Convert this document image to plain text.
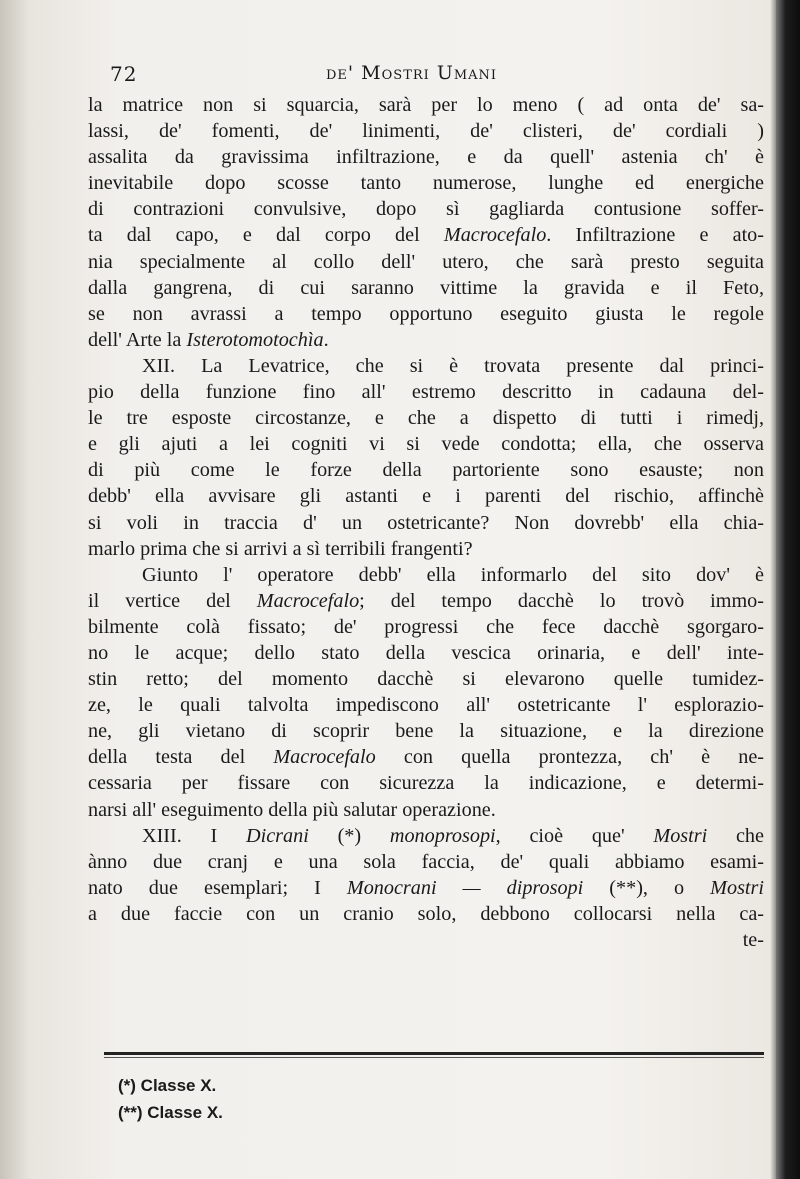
72	de' Mostri Umani
la matrice non si squarcia, sarà per lo meno ( ad onta de' sa-
lassi, de' fomenti, de' linimenti, de' clisteri, de' cordiali )
assalita da gravissima infiltrazione, e da quell' astenia ch' è
inevitabile dopo scosse tanto numerose, lunghe ed energiche
di contrazioni convulsive, dopo sì gagliarda contusione soffer-
ta dal capo, e dal corpo del Macrocefalo. Infiltrazione e ato-
nia specialmente al collo dell' utero, che sarà presto seguita
dalla gangrena, di cui saranno vittime la gravida e il Feto,
se non avrassi a tempo opportuno eseguito giusta le regole
dell' Arte la Isterotomotochìa.
XII. La Levatrice, che si è trovata presente dal princi-
pio della funzione fino all' estremo descritto in cadauna del-
le tre esposte circostanze, e che a dispetto di tutti i rimedj,
e gli ajuti a lei cogniti vi si vede condotta; ella, che osserva
di più come le forze della partoriente sono esauste; non
debb' ella avvisare gli astanti e i parenti del rischio, affinchè
si voli in traccia d' un ostetricante? Non dovrebb' ella chia-
marlo prima che si arrivi a sì terribili frangenti?
Giunto l' operatore debb' ella informarlo del sito dov' è
il vertice del Macrocefalo; del tempo dacchè lo trovò immo-
bilmente colà fissato; de' progressi che fece dacchè sgorgaro-
no le acque; dello stato della vescica orinaria, e dell' inte-
stin retto; del momento dacchè si elevarono quelle tumidez-
ze, le quali talvolta impediscono all' ostetricante l' esplorazio-
ne, gli vietano di scoprir bene la situazione, e la direzione
della testa del Macrocefalo con quella prontezza, ch' è ne-
cessaria per fissare con sicurezza la indicazione, e determi-
narsi all' eseguimento della più salutar operazione.
XIII. I Dicrani (*) monoprosopi, cioè que' Mostri che
ànno due cranj e una sola faccia, de' quali abbiamo esami-
nato due esemplari; I Monocrani — diprosopi (**), o Mostri
a due faccie con un cranio solo, debbono collocarsi nella ca-
te-
(*) Classe X.
(**) Classe X.
